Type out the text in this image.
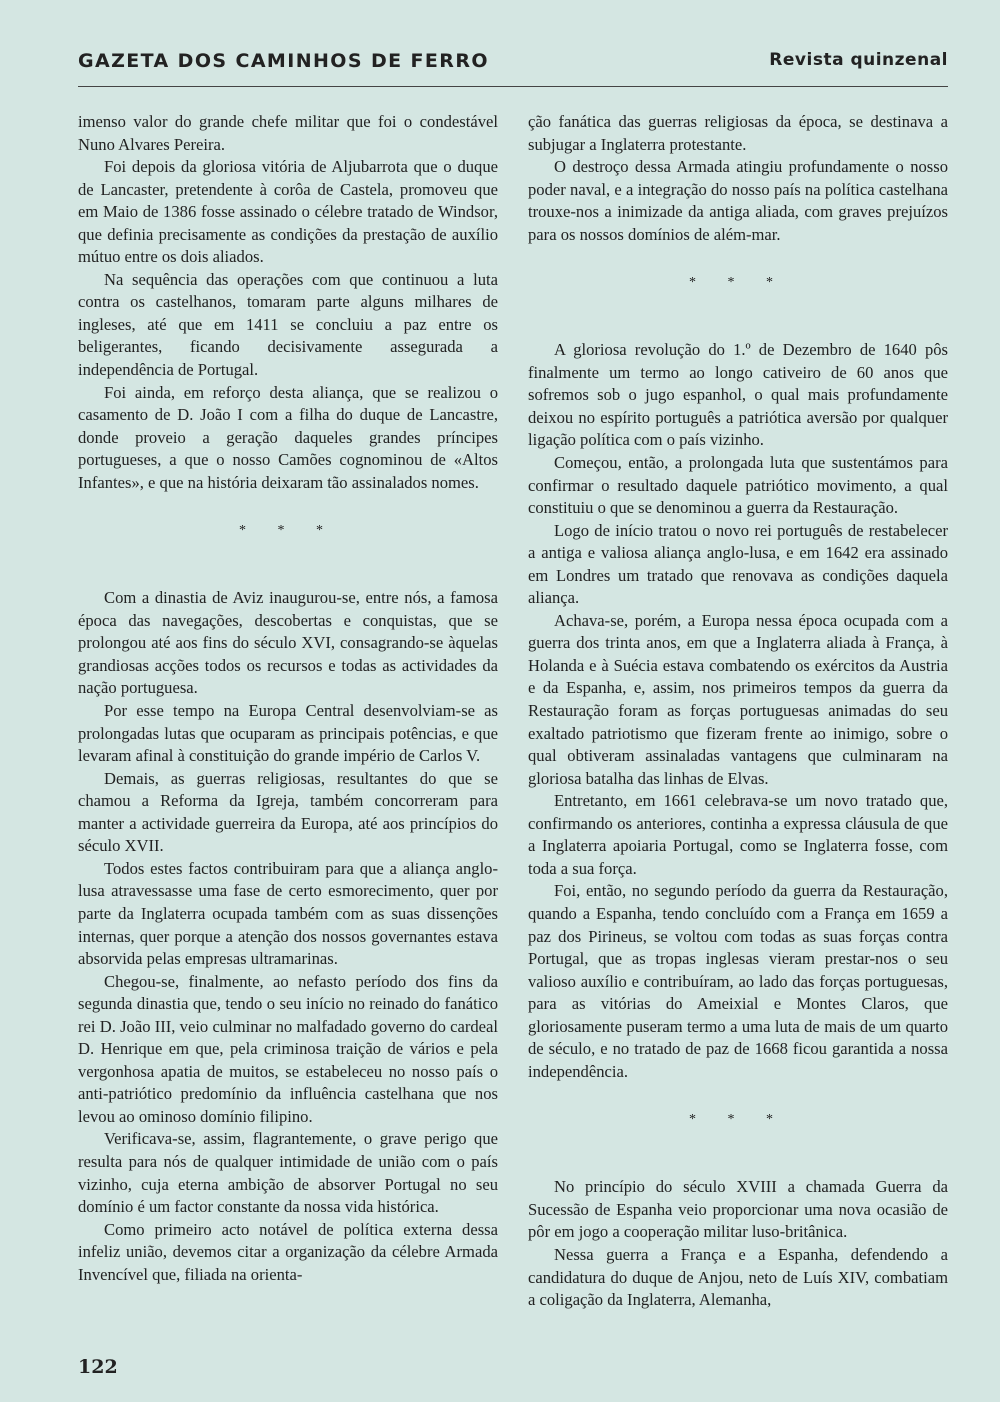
GAZETA DOS CAMINHOS DE FERRO	Revista quinzenal

imenso valor do grande chefe militar que foi o condestável Nuno Alvares Pereira.

Foi depois da gloriosa vitória de Aljubarrota que o duque de Lancaster, pretendente à corôa de Castela, promoveu que em Maio de 1386 fosse assinado o célebre tratado de Windsor, que definia precisamente as condições da prestação de auxílio mútuo entre os dois aliados.

Na sequência das operações com que continuou a luta contra os castelhanos, tomaram parte alguns milhares de ingleses, até que em 1411 se concluiu a paz entre os beligerantes, ficando decisivamente assegurada a independência de Portugal.

Foi ainda, em reforço desta aliança, que se realizou o casamento de D. João I com a filha do duque de Lancastre, donde proveio a geração daqueles grandes príncipes portugueses, a que o nosso Camões cognominou de «Altos Infantes», e que na história deixaram tão assinalados nomes.

* * *

Com a dinastia de Aviz inaugurou-se, entre nós, a famosa época das navegações, descobertas e conquistas, que se prolongou até aos fins do século XVI, consagrando-se àquelas grandiosas acções todos os recursos e todas as actividades da nação portuguesa.

Por esse tempo na Europa Central desenvolviam-se as prolongadas lutas que ocuparam as principais potências, e que levaram afinal à constituição do grande império de Carlos V.

Demais, as guerras religiosas, resultantes do que se chamou a Reforma da Igreja, também concorreram para manter a actividade guerreira da Europa, até aos princípios do século XVII.

Todos estes factos contribuiram para que a aliança anglo-lusa atravessasse uma fase de certo esmorecimento, quer por parte da Inglaterra ocupada também com as suas dissenções internas, quer porque a atenção dos nossos governantes estava absorvida pelas empresas ultramarinas.

Chegou-se, finalmente, ao nefasto período dos fins da segunda dinastia que, tendo o seu início no reinado do fanático rei D. João III, veio culminar no malfadado governo do cardeal D. Henrique em que, pela criminosa traição de vários e pela vergonhosa apatia de muitos, se estabeleceu no nosso país o anti-patriótico predomínio da influência castelhana que nos levou ao ominoso domínio filipino.

Verificava-se, assim, flagrantemente, o grave perigo que resulta para nós de qualquer intimidade de união com o país vizinho, cuja eterna ambição de absorver Portugal no seu domínio é um factor constante da nossa vida histórica.

Como primeiro acto notável de política externa dessa infeliz união, devemos citar a organização da célebre Armada Invencível que, filiada na orienta-

ção fanática das guerras religiosas da época, se destinava a subjugar a Inglaterra protestante.

O destroço dessa Armada atingiu profundamente o nosso poder naval, e a integração do nosso país na política castelhana trouxe-nos a inimizade da antiga aliada, com graves prejuízos para os nossos domínios de além-mar.

* * *

A gloriosa revolução do 1.º de Dezembro de 1640 pôs finalmente um termo ao longo cativeiro de 60 anos que sofremos sob o jugo espanhol, o qual mais profundamente deixou no espírito português a patriótica aversão por qualquer ligação política com o país vizinho.

Começou, então, a prolongada luta que sustentámos para confirmar o resultado daquele patriótico movimento, a qual constituiu o que se denominou a guerra da Restauração.

Logo de início tratou o novo rei português de restabelecer a antiga e valiosa aliança anglo-lusa, e em 1642 era assinado em Londres um tratado que renovava as condições daquela aliança.

Achava-se, porém, a Europa nessa época ocupada com a guerra dos trinta anos, em que a Inglaterra aliada à França, à Holanda e à Suécia estava combatendo os exércitos da Austria e da Espanha, e, assim, nos primeiros tempos da guerra da Restauração foram as forças portuguesas animadas do seu exaltado patriotismo que fizeram frente ao inimigo, sobre o qual obtiveram assinaladas vantagens que culminaram na gloriosa batalha das linhas de Elvas.

Entretanto, em 1661 celebrava-se um novo tratado que, confirmando os anteriores, continha a expressa cláusula de que a Inglaterra apoiaria Portugal, como se Inglaterra fosse, com toda a sua força.

Foi, então, no segundo período da guerra da Restauração, quando a Espanha, tendo concluído com a França em 1659 a paz dos Pirineus, se voltou com todas as suas forças contra Portugal, que as tropas inglesas vieram prestar-nos o seu valioso auxílio e contribuíram, ao lado das forças portuguesas, para as vitórias do Ameixial e Montes Claros, que gloriosamente puseram termo a uma luta de mais de um quarto de século, e no tratado de paz de 1668 ficou garantida a nossa independência.

* * *

No princípio do século XVIII a chamada Guerra da Sucessão de Espanha veio proporcionar uma nova ocasião de pôr em jogo a cooperação militar luso-britânica.

Nessa guerra a França e a Espanha, defendendo a candidatura do duque de Anjou, neto de Luís XIV, combatiam a coligação da Inglaterra, Alemanha,

122
